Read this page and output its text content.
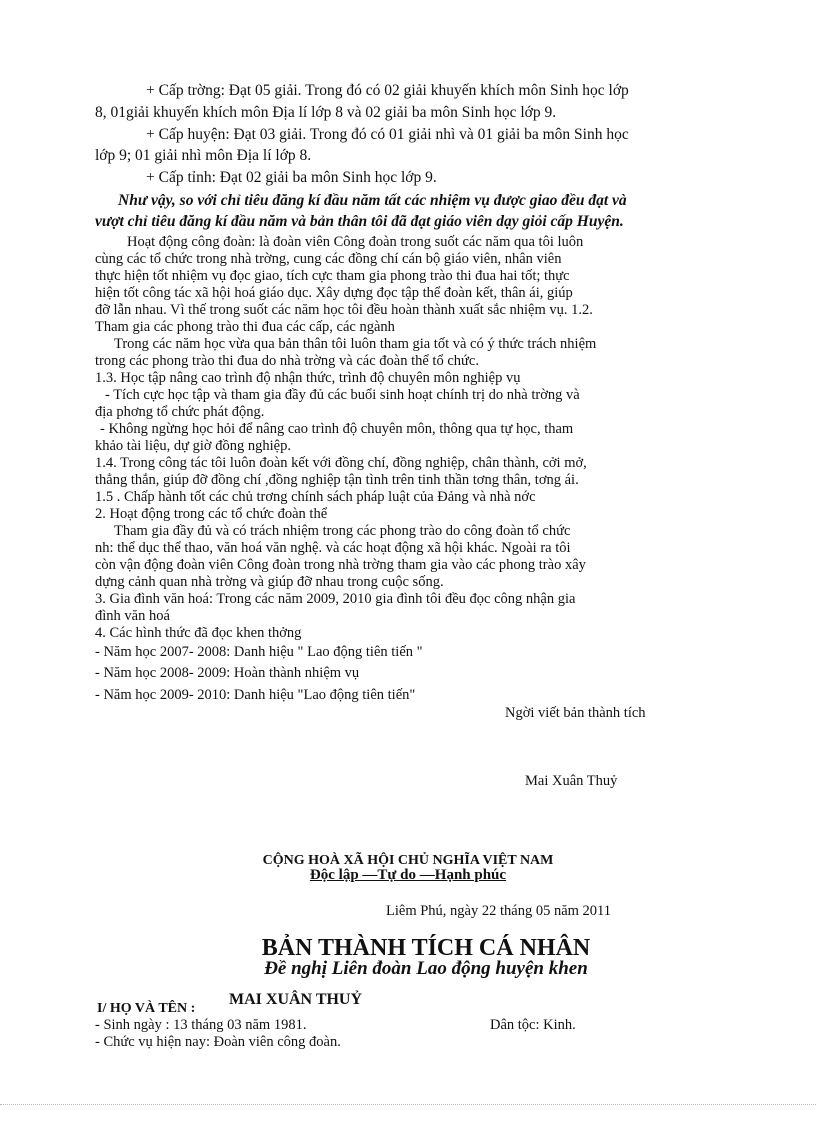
+ Cấp trờng: Đạt 05 giải. Trong đó có 02 giải khuyến khích môn Sinh học lớp
8, 01giải khuyến khích môn Địa lí lớp 8 và 02 giải ba môn Sinh học lớp 9.
+ Cấp huyện: Đạt 03 giải. Trong đó có 01 giải nhì và 01 giải ba môn Sinh học
lớp 9; 01 giải nhì môn Địa lí lớp 8.
+ Cấp tỉnh: Đạt 02 giải ba môn Sinh học lớp 9.
Như vậy, so với chỉ tiêu đăng kí đầu năm tất các nhiệm vụ được giao đều đạt và
vượt chỉ tiêu đăng kí đầu năm và bản thân tôi đã đạt giáo viên dạy giỏi cấp Huyện.
Hoạt động công đoàn: là đoàn viên Công đoàn trong suốt các năm qua tôi luôn
cùng các tổ chức trong nhà trờng, cung các đồng chí cán bộ giáo viên, nhân viên
thực hiện tốt nhiệm vụ đọc giao, tích cực tham gia phong trào thi đua hai tốt; thực
hiện tốt công tác xã hội hoá giáo dục. Xây dựng đọc tập thể đoàn kết, thân ái, giúp
đỡ lẫn nhau. Vì thế trong suốt các năm học tôi đều hoàn thành xuất sắc nhiệm vụ. 1.2.
Tham gia các phong trào thi đua các cấp, các ngành
Trong các năm học vừa qua bản thân tôi luôn tham gia tốt và có ý thức trách nhiệm
trong các phong trào thi đua do nhà trờng và các đoàn thể tổ chức.
1.3. Học tập nâng cao trình độ nhận thức, trình độ chuyên môn nghiệp vụ
- Tích cực học tập và tham gia đầy đủ các buổi sinh hoạt chính trị do nhà trờng và
địa phơng tổ chức phát động.
- Không ngừng học hỏi để nâng cao trình độ chuyên môn, thông qua tự học, tham
khảo tài liệu, dự giờ đồng nghiệp.
1.4. Trong công tác tôi luôn đoàn kết với đồng chí, đồng nghiệp, chân thành, cởi mở,
thẳng thắn, giúp đỡ đồng chí ,đồng nghiệp tận tình trên tinh thần tơng thân, tơng ái.
1.5 . Chấp hành tốt các chủ trơng chính sách pháp luật của Đảng và nhà nớc
2. Hoạt động trong các tổ chức đoàn thể
Tham gia đầy đủ và có trách nhiệm trong các phong trào do công đoàn tổ chức
nh: thể dục thể thao, văn hoá văn nghệ. và các hoạt động xã hội khác. Ngoài ra tôi
còn vận động đoàn viên Công đoàn trong nhà trờng tham gia vào các phong trào xây
dựng cảnh quan nhà trờng và giúp đỡ nhau trong cuộc sống.
3. Gia đình văn hoá: Trong các năm 2009, 2010 gia đình tôi đều đọc công nhận gia
đình văn hoá
4. Các hình thức đã đọc khen thởng
- Năm học 2007- 2008: Danh hiệu " Lao động tiên tiến "
- Năm học 2008- 2009: Hoàn thành nhiệm vụ
- Năm học 2009- 2010: Danh hiệu "Lao động tiên tiến"
Ngời viết bản thành tích
Mai Xuân Thuỷ
CỘNG HOÀ XÃ HỘI CHỦ NGHĨA VIỆT NAM
Độc lập —Tự do —Hạnh phúc
Liêm Phú, ngày 22 tháng 05 năm 2011
BẢN THÀNH TÍCH CÁ NHÂN
Đề nghị Liên đoàn Lao động huyện khen
I/ HỌ VÀ TÊN :
MAI XUÂN THUỶ
- Sinh ngày : 13 tháng 03 năm 1981.	Dân tộc: Kinh.
- Chức vụ hiện nay: Đoàn viên công đoàn.
